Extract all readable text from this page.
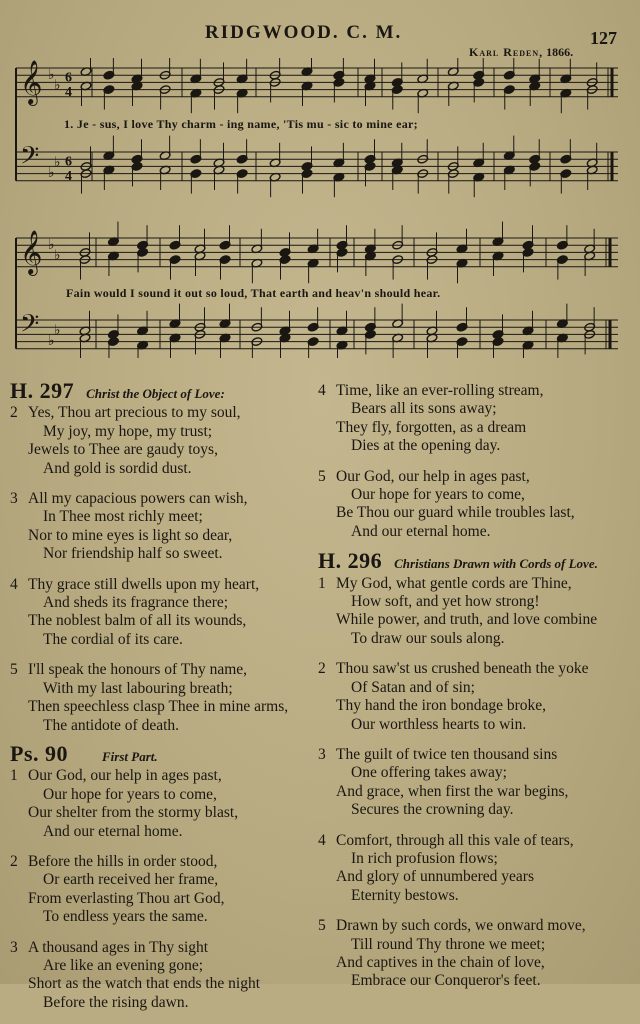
RIDGWOOD. C. M.	127
Karl Reden, 1866.
𝄞
𝄢
♭
♭
♭
♭
6
4
6
4
𝄞
𝄢
♭
♭
♭
♭
1. Je - sus, I love Thy charm - ing name, 'Tis mu - sic to mine ear;
Fain would I sound it out so loud, That earth and heav'n should hear.
H. 297 Christ the Object of Love:
2 Yes, Thou art precious to my soul,
My joy, my hope, my trust;
Jewels to Thee are gaudy toys,
And gold is sordid dust.
3 All my capacious powers can wish,
In Thee most richly meet;
Nor to mine eyes is light so dear,
Nor friendship half so sweet.
4 Thy grace still dwells upon my heart,
And sheds its fragrance there;
The noblest balm of all its wounds,
The cordial of its care.
5 I'll speak the honours of Thy name,
With my last labouring breath;
Then speechless clasp Thee in mine arms,
The antidote of death.
Ps. 90	First Part.
1 Our God, our help in ages past,
Our hope for years to come,
Our shelter from the stormy blast,
And our eternal home.
2 Before the hills in order stood,
Or earth received her frame,
From everlasting Thou art God,
To endless years the same.
3 A thousand ages in Thy sight
Are like an evening gone;
Short as the watch that ends the night
Before the rising dawn.
4 Time, like an ever-rolling stream,
Bears all its sons away;
They fly, forgotten, as a dream
Dies at the opening day.
5 Our God, our help in ages past,
Our hope for years to come,
Be Thou our guard while troubles last,
And our eternal home.
H. 296 Christians Drawn with Cords of Love.
1 My God, what gentle cords are Thine,
How soft, and yet how strong!
While power, and truth, and love combine
To draw our souls along.
2 Thou saw'st us crushed beneath the yoke
Of Satan and of sin;
Thy hand the iron bondage broke,
Our worthless hearts to win.
3 The guilt of twice ten thousand sins
One offering takes away;
And grace, when first the war begins,
Secures the crowning day.
4 Comfort, through all this vale of tears,
In rich profusion flows;
And glory of unnumbered years
Eternity bestows.
5 Drawn by such cords, we onward move,
Till round Thy throne we meet;
And captives in the chain of love,
Embrace our Conqueror's feet.
